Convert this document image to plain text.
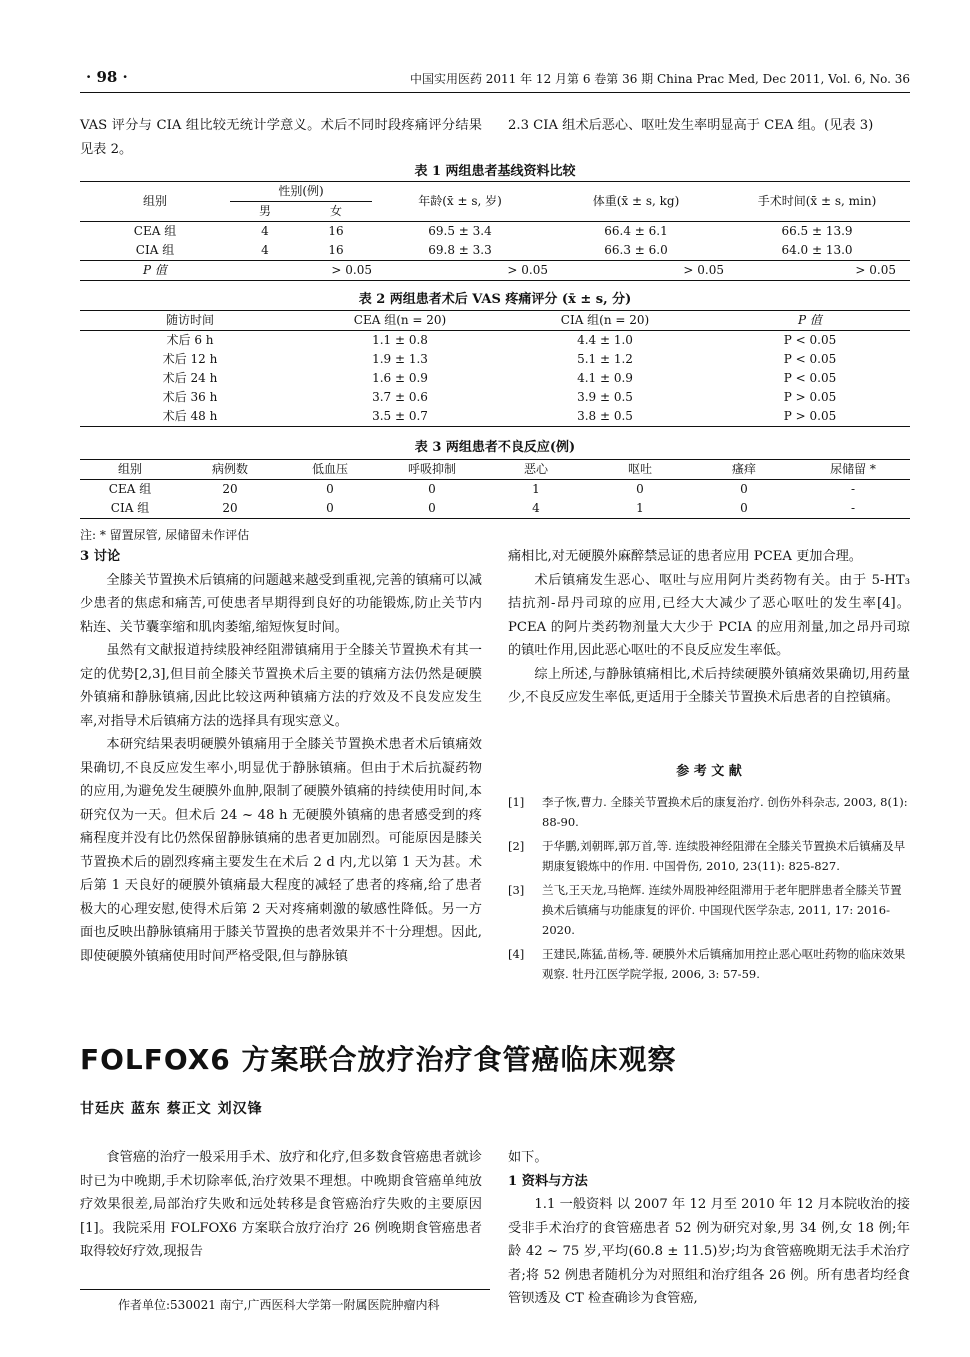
· 98 ·	中国实用医药 2011 年 12 月第 6 卷第 36 期 China Prac Med, Dec 2011, Vol. 6, No. 36

VAS 评分与 CIA 组比较无统计学意义。术后不同时段疼痛评分结果见表 2。

2.3 CIA 组术后恶心、呕吐发生率明显高于 CEA 组。(见表 3)

表 1 两组患者基线资料比较
组别	性别(例)		年龄(x̄ ± s, 岁)	体重(x̄ ± s, kg)	手术时间(x̄ ± s, min)
	男	女			
CEA 组	4	16	69.5 ± 3.4	66.4 ± 6.1	66.5 ± 13.9
CIA 组	4	16	69.8 ± 3.3	66.3 ± 6.0	64.0 ± 13.0
P 值	> 0.05		> 0.05	> 0.05	> 0.05
表 2 两组患者术后 VAS 疼痛评分 (x̄ ± s, 分)
随访时间	CEA 组(n = 20)	CIA 组(n = 20)	P 值
术后 6 h	1.1 ± 0.8	4.4 ± 1.0	P < 0.05
术后 12 h	1.9 ± 1.3	5.1 ± 1.2	P < 0.05
术后 24 h	1.6 ± 0.9	4.1 ± 0.9	P < 0.05
术后 36 h	3.7 ± 0.6	3.9 ± 0.5	P > 0.05
术后 48 h	3.5 ± 0.7	3.8 ± 0.5	P > 0.05
表 3 两组患者不良反应(例)
组别	病例数	低血压	呼吸抑制	恶心	呕吐	瘙痒	尿储留 *
CEA 组	20	0	0	1	0	0	-
CIA 组	20	0	0	4	1	0	-
注: * 留置尿管, 尿储留未作评估

3 讨论

全膝关节置换术后镇痛的问题越来越受到重视,完善的镇痛可以减少患者的焦虑和痛苦,可使患者早期得到良好的功能锻炼,防止关节内粘连、关节囊挛缩和肌肉萎缩,缩短恢复时间。

虽然有文献报道持续股神经阻滞镇痛用于全膝关节置换术有其一定的优势[2,3],但目前全膝关节置换术后主要的镇痛方法仍然是硬膜外镇痛和静脉镇痛,因此比较这两种镇痛方法的疗效及不良发应发生率,对指导术后镇痛方法的选择具有现实意义。

本研究结果表明硬膜外镇痛用于全膝关节置换术患者术后镇痛效果确切,不良反应发生率小,明显优于静脉镇痛。但由于术后抗凝药物的应用,为避免发生硬膜外血肿,限制了硬膜外镇痛的持续使用时间,本研究仅为一天。但术后 24 ~ 48 h 无硬膜外镇痛的患者感受到的疼痛程度并没有比仍然保留静脉镇痛的患者更加剧烈。可能原因是膝关节置换术后的剧烈疼痛主要发生在术后 2 d 内,尤以第 1 天为甚。术后第 1 天良好的硬膜外镇痛最大程度的减轻了患者的疼痛,给了患者极大的心理安慰,使得术后第 2 天对疼痛刺激的敏感性降低。另一方面也反映出静脉镇痛用于膝关节置换的患者效果并不十分理想。因此,即使硬膜外镇痛使用时间严格受限,但与静脉镇

痛相比,对无硬膜外麻醉禁忌证的患者应用 PCEA 更加合理。

术后镇痛发生恶心、呕吐与应用阿片类药物有关。由于 5-HT₃ 拮抗剂-昂丹司琼的应用,已经大大减少了恶心呕吐的发生率[4]。PCEA 的阿片类药物剂量大大少于 PCIA 的应用剂量,加之昂丹司琼的镇吐作用,因此恶心呕吐的不良反应发生率低。

综上所述,与静脉镇痛相比,术后持续硬膜外镇痛效果确切,用药量少,不良反应发生率低,更适用于全膝关节置换术后患者的自控镇痛。

参 考 文 献
[1]	李子恢,曹力. 全膝关节置换术后的康复治疗. 创伤外科杂志, 2003, 8(1): 88-90.
[2]	于华鹏,刘朝晖,郭万首,等. 连续股神经阻滞在全膝关节置换术后镇痛及早期康复锻炼中的作用. 中国骨伤, 2010, 23(11): 825-827.
[3]	兰飞,王天龙,马艳辉. 连续外周股神经阻滞用于老年肥胖患者全膝关节置换术后镇痛与功能康复的评价. 中国现代医学杂志, 2011, 17: 2016-2020.
[4]	王建民,陈猛,苗杨,等. 硬膜外术后镇痛加用控止恶心呕吐药物的临床效果观察. 牡丹江医学院学报, 2006, 3: 57-59.
FOLFOX6 方案联合放疗治疗食管癌临床观察
甘廷庆 蓝东 蔡正文 刘汉锋

食管癌的治疗一般采用手术、放疗和化疗,但多数食管癌患者就诊时已为中晚期,手术切除率低,治疗效果不理想。中晚期食管癌单纯放疗效果很差,局部治疗失败和远处转移是食管癌治疗失败的主要原因[1]。我院采用 FOLFOX6 方案联合放疗治疗 26 例晚期食管癌患者取得较好疗效,现报告

如下。

1 资料与方法

1.1 一般资料 以 2007 年 12 月至 2010 年 12 月本院收治的接受非手术治疗的食管癌患者 52 例为研究对象,男 34 例,女 18 例;年龄 42 ~ 75 岁,平均(60.8 ± 11.5)岁;均为食管癌晚期无法手术治疗者;将 52 例患者随机分为对照组和治疗组各 26 例。所有患者均经食管钡透及 CT 检查确诊为食管癌,

作者单位:530021 南宁,广西医科大学第一附属医院肿瘤内科
